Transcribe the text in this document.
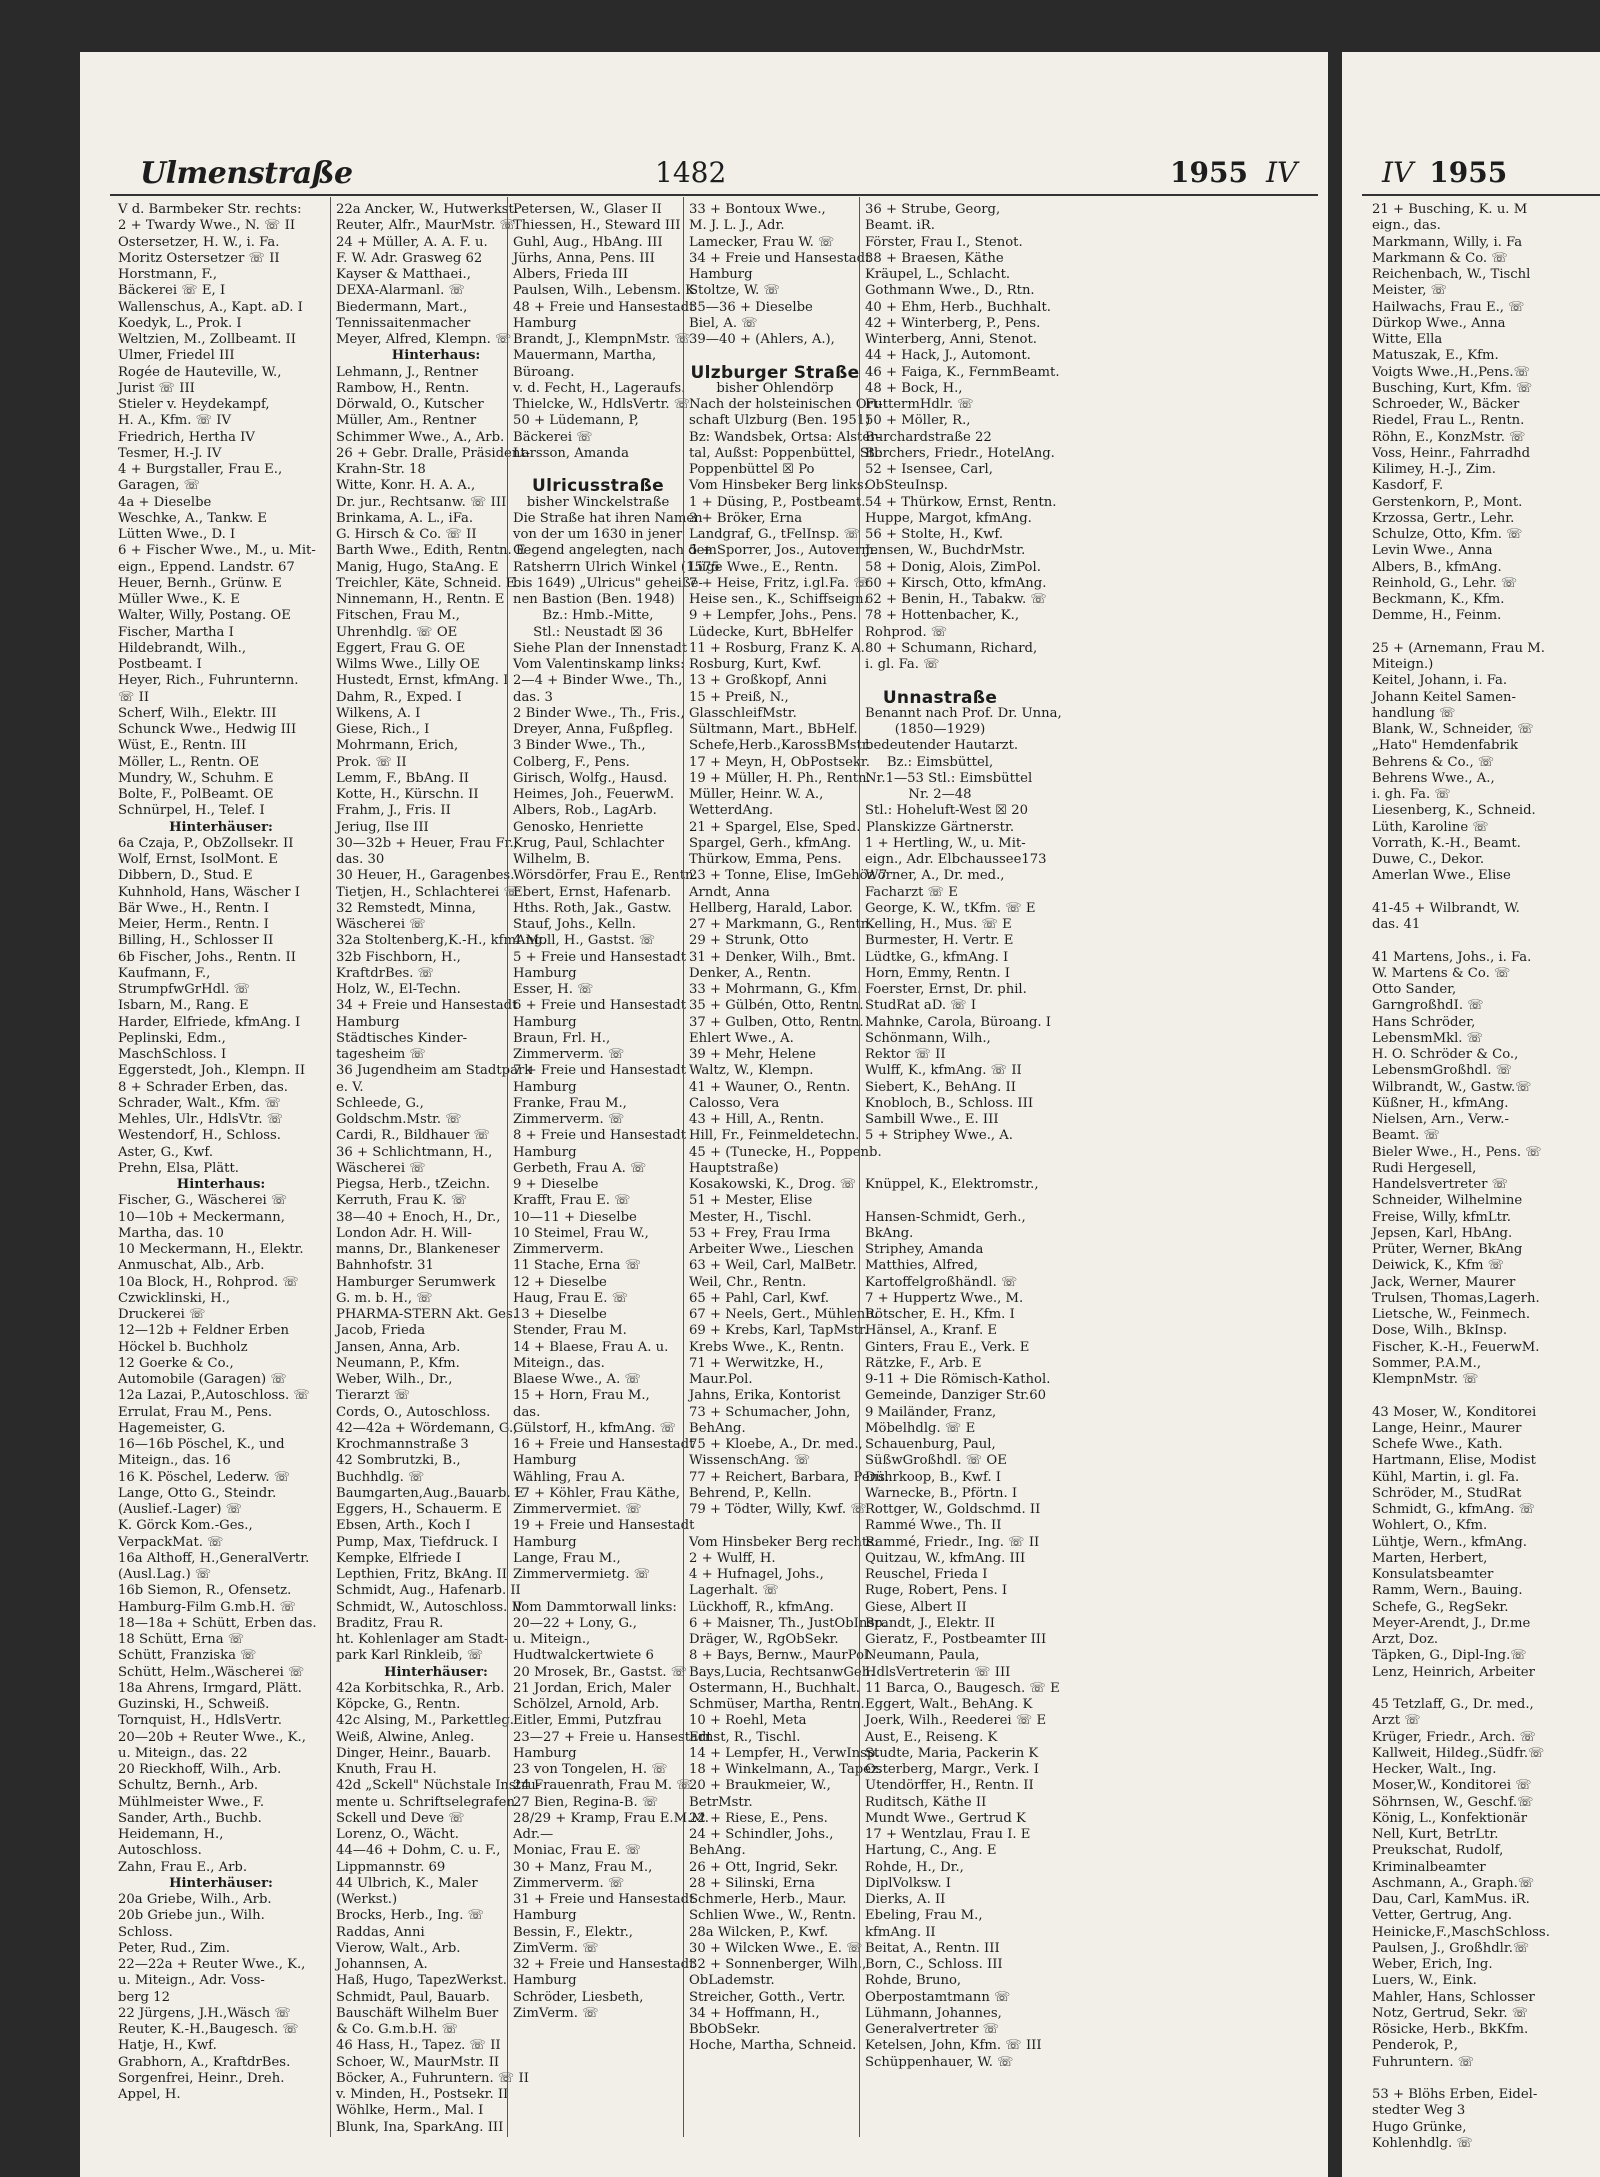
Ulmenstraße	1482	1955 IV
V d. Barmbeker Str. rechts:
2 + Twardy Wwe., N. ☏ II
Ostersetzer, H. W., i. Fa.
Moritz Ostersetzer ☏ II
Horstmann, F.,
Bäckerei ☏ E, I
Wallenschus, A., Kapt. aD. I
Koedyk, L., Prok. I
Weltzien, M., Zollbeamt. II
Ulmer, Friedel III
Rogée de Hauteville, W.,
Jurist ☏ III
Stieler v. Heydekampf,
H. A., Kfm. ☏ IV
Friedrich, Hertha IV
Tesmer, H.-J. IV
4 + Burgstaller, Frau E.,
Garagen, ☏
4a + Dieselbe
Weschke, A., Tankw. E
Lütten Wwe., D. I
6 + Fischer Wwe., M., u. Mit-
eign., Eppend. Landstr. 67
Heuer, Bernh., Grünw. E
Müller Wwe., K. E
Walter, Willy, Postang. OE
Fischer, Martha I
Hildebrandt, Wilh.,
Postbeamt. I
Heyer, Rich., Fuhrunternn.
☏ II
Scherf, Wilh., Elektr. III
Schunck Wwe., Hedwig III
Wüst, E., Rentn. III
Möller, L., Rentn. OE
Mundry, W., Schuhm. E
Bolte, F., PolBeamt. OE
Schnürpel, H., Telef. I
Hinterhäuser:
6a Czaja, P., ObZollsekr. II
Wolf, Ernst, IsolMont. E
Dibbern, D., Stud. E
Kuhnhold, Hans, Wäscher I
Bär Wwe., H., Rentn. I
Meier, Herm., Rentn. I
Billing, H., Schlosser II
6b Fischer, Johs., Rentn. II
Kaufmann, F.,
StrumpfwGrHdl. ☏
Isbarn, M., Rang. E
Harder, Elfriede, kfmAng. I
Peplinski, Edm.,
MaschSchloss. I
Eggerstedt, Joh., Klempn. II
8 + Schrader Erben, das.
Schrader, Walt., Kfm. ☏
Mehles, Ulr., HdlsVtr. ☏
Westendorf, H., Schloss.
Aster, G., Kwf.
Prehn, Elsa, Plätt.
Hinterhaus:
Fischer, G., Wäscherei ☏
10—10b + Meckermann,
Martha, das. 10
10 Meckermann, H., Elektr.
Anmuschat, Alb., Arb.
10a Block, H., Rohprod. ☏
Czwicklinski, H.,
Druckerei ☏
12—12b + Feldner Erben
Höckel b. Buchholz
12 Goerke & Co.,
Automobile (Garagen) ☏
12a Lazai, P.,Autoschloss. ☏
Errulat, Frau M., Pens.
Hagemeister, G.
16—16b Pöschel, K., und
Miteign., das. 16
16 K. Pöschel, Lederw. ☏
Lange, Otto G., Steindr.
(Auslief.-Lager) ☏
K. Görck Kom.-Ges.,
VerpackMat. ☏
16a Althoff, H.,GeneralVertr.
(Ausl.Lag.) ☏
16b Siemon, R., Ofensetz.
Hamburg-Film G.mb.H. ☏
18—18a + Schütt, Erben das.
18 Schütt, Erna ☏
Schütt, Franziska ☏
Schütt, Helm.,Wäscherei ☏
18a Ahrens, Irmgard, Plätt.
Guzinski, H., Schweiß.
Tornquist, H., HdlsVertr.
20—20b + Reuter Wwe., K.,
u. Miteign., das. 22
20 Rieckhoff, Wilh., Arb.
Schultz, Bernh., Arb.
Mühlmeister Wwe., F.
Sander, Arth., Buchb.
Heidemann, H.,
Autoschloss.
Zahn, Frau E., Arb.
Hinterhäuser:
20a Griebe, Wilh., Arb.
20b Griebe jun., Wilh.
Schloss.
Peter, Rud., Zim.
22—22a + Reuter Wwe., K.,
u. Miteign., Adr. Voss-
berg 12
22 Jürgens, J.H.,Wäsch ☏
Reuter, K.-H.,Baugesch. ☏
Hatje, H., Kwf.
Grabhorn, A., KraftdrBes.
Sorgenfrei, Heinr., Dreh.
Appel, H.
22a Ancker, W., Hutwerkst.
Reuter, Alfr., MaurMstr. ☏
24 + Müller, A. A. F. u.
F. W. Adr. Grasweg 62
Kayser & Matthaei.,
DEXA-Alarmanl. ☏
Biedermann, Mart.,
Tennissaitenmacher
Meyer, Alfred, Klempn. ☏
Hinterhaus:
Lehmann, J., Rentner
Rambow, H., Rentn.
Dörwald, O., Kutscher
Müller, Am., Rentner
Schimmer Wwe., A., Arb.
26 + Gebr. Dralle, Präsident-
Krahn-Str. 18
Witte, Konr. H. A. A.,
Dr. jur., Rechtsanw. ☏ III
Brinkama, A. L., iFa.
G. Hirsch & Co. ☏ II
Barth Wwe., Edith, Rentn. E
Manig, Hugo, StaAng. E
Treichler, Käte, Schneid. E
Ninnemann, H., Rentn. E
Fitschen, Frau M.,
Uhrenhdlg. ☏ OE
Eggert, Frau G. OE
Wilms Wwe., Lilly OE
Hustedt, Ernst, kfmAng. I
Dahm, R., Exped. I
Wilkens, A. I
Giese, Rich., I
Mohrmann, Erich,
Prok. ☏ II
Lemm, F., BbAng. II
Kotte, H., Kürschn. II
Frahm, J., Fris. II
Jeriug, Ilse III
30—32b + Heuer, Frau Fr.,
das. 30
30 Heuer, H., Garagenbes.
Tietjen, H., Schlachterei ☏
32 Remstedt, Minna,
Wäscherei ☏
32a Stoltenberg,K.-H., kfmAng.
32b Fischborn, H.,
KraftdrBes. ☏
Holz, W., El-Techn.
34 + Freie und Hansestadt
Hamburg
Städtisches Kinder-
tagesheim ☏
36 Jugendheim am Stadtpark
e. V.
Schleede, G.,
Goldschm.Mstr. ☏
Cardi, R., Bildhauer ☏
36 + Schlichtmann, H.,
Wäscherei ☏
Piegsa, Herb., tZeichn.
Kerruth, Frau K. ☏
38—40 + Enoch, H., Dr.,
London Adr. H. Will-
manns, Dr., Blankeneser
Bahnhofstr. 31
Hamburger Serumwerk
G. m. b. H., ☏
PHARMA-STERN Akt. Ges.
Jacob, Frieda
Jansen, Anna, Arb.
Neumann, P., Kfm.
Weber, Wilh., Dr.,
Tierarzt ☏
Cords, O., Autoschloss.
42—42a + Wördemann, G.,
Krochmannstraße 3
42 Sombrutzki, B.,
Buchhdlg. ☏
Baumgarten,Aug.,Bauarb. E
Eggers, H., Schauerm. E
Ebsen, Arth., Koch I
Pump, Max, Tiefdruck. I
Kempke, Elfriede I
Lepthien, Fritz, BkAng. II
Schmidt, Aug., Hafenarb. II
Schmidt, W., Autoschloss. II
Braditz, Frau R.
ht. Kohlenlager am Stadt-
park Karl Rinkleib, ☏
Hinterhäuser:
42a Korbitschka, R., Arb.
Köpcke, G., Rentn.
42c Alsing, M., Parkettleg.
Weiß, Alwine, Anleg.
Dinger, Heinr., Bauarb.
Knuth, Frau H.
42d „Sckell" Nüchstale Instru-
mente u. Schriftselegrafen
Sckell und Deve ☏
Lorenz, O., Wächt.
44—46 + Dohm, C. u. F.,
Lippmannstr. 69
44 Ulbrich, K., Maler
(Werkst.)
Brocks, Herb., Ing. ☏
Raddas, Anni
Vierow, Walt., Arb.
Johannsen, A.
Haß, Hugo, TapezWerkst.
Schmidt, Paul, Bauarb.
Bauschäft Wilhelm Buer
& Co. G.m.b.H. ☏
46 Hass, H., Tapez. ☏ II
Schoer, W., MaurMstr. II
Böcker, A., Fuhruntern. ☏ II
v. Minden, H., Postsekr. II
Wöhlke, Herm., Mal. I
Blunk, Ina, SparkAng. III
Petersen, W., Glaser II
Thiessen, H., Steward III
Guhl, Aug., HbAng. III
Jürhs, Anna, Pens. III
Albers, Frieda III
Paulsen, Wilh., Lebensm. K
48 + Freie und Hansestadt
Hamburg
Brandt, J., KlempnMstr. ☏
Mauermann, Martha,
Büroang.
v. d. Fecht, H., Lageraufs.
Thielcke, W., HdlsVertr. ☏
50 + Lüdemann, P,
Bäckerei ☏
Larsson, Amanda
Ulricusstraße
bisher Winckelstraße
Die Straße hat ihren Namen
von der um 1630 in jener
Gegend angelegten, nach dem
Ratsherrn Ulrich Winkel (1575
bis 1649) „Ulricus" geheiße-
nen Bastion (Ben. 1948)
Bz.: Hmb.-Mitte,
Stl.: Neustadt ☒ 36
Siehe Plan der Innenstadt
Vom Valentinskamp links:
2—4 + Binder Wwe., Th.,
das. 3
2 Binder Wwe., Th., Fris.,
Dreyer, Anna, Fußpfleg.
3 Binder Wwe., Th.,
Colberg, F., Pens.
Girisch, Wolfg., Hausd.
Heimes, Joh., FeuerwM.
Albers, Rob., LagArb.
Genosko, Henriette
Krug, Paul, Schlachter
Wilhelm, B.
Wörsdörfer, Frau E., Rentn.
Ebert, Ernst, Hafenarb.
Hths. Roth, Jak., Gastw.
Stauf, Johs., Kelln.
4 Moll, H., Gastst. ☏
5 + Freie und Hansestadt
Hamburg
Esser, H. ☏
6 + Freie und Hansestadt
Hamburg
Braun, Frl. H.,
Zimmerverm. ☏
7 + Freie und Hansestadt
Hamburg
Franke, Frau M.,
Zimmerverm. ☏
8 + Freie und Hansestadt
Hamburg
Gerbeth, Frau A. ☏
9 + Dieselbe
Krafft, Frau E. ☏
10—11 + Dieselbe
10 Steimel, Frau W.,
Zimmerverm.
11 Stache, Erna ☏
12 + Dieselbe
Haug, Frau E. ☏
13 + Dieselbe
Stender, Frau M.
14 + Blaese, Frau A. u.
Miteign., das.
Blaese Wwe., A. ☏
15 + Horn, Frau M.,
das.
Gülstorf, H., kfmAng. ☏
16 + Freie und Hansestadt
Hamburg
Wähling, Frau A.
17 + Köhler, Frau Käthe,
Zimmervermiet. ☏
19 + Freie und Hansestadt
Hamburg
Lange, Frau M.,
Zimmervermietg. ☏
Vom Dammtorwall links:
20—22 + Lony, G.,
u. Miteign.,
Hudtwalckertwiete 6
20 Mrosek, Br., Gastst. ☏
21 Jordan, Erich, Maler
Schölzel, Arnold, Arb.
Eitler, Emmi, Putzfrau
23—27 + Freie u. Hansestadt
Hamburg
23 von Tongelen, H. ☏
24 Frauenrath, Frau M. ☏
27 Bien, Regina-B. ☏
28/29 + Kramp, Frau E.M.M.
Adr.—
Moniac, Frau E. ☏
30 + Manz, Frau M.,
Zimmerverm. ☏
31 + Freie und Hansestadt
Hamburg
Bessin, F., Elektr.,
ZimVerm. ☏
32 + Freie und Hansestadt
Hamburg
Schröder, Liesbeth,
ZimVerm. ☏
33 + Bontoux Wwe.,
M. J. L. J., Adr.
Lamecker, Frau W. ☏
34 + Freie und Hansestadt
Hamburg
Stoltze, W. ☏
35—36 + Dieselbe
Biel, A. ☏
39—40 + (Ahlers, A.),
Ulzburger Straße
bisher Ohlendörp
Nach der holsteinischen Ort-
schaft Ulzburg (Ben. 1951)
Bz: Wandsbek, Ortsa: Alster-
tal, Außst: Poppenbüttel, Stl:
Poppenbüttel ☒ Po
Vom Hinsbeker Berg links:
1 + Düsing, P., Postbeamt.
3 + Bröker, Erna
Landgraf, G., tFelInsp. ☏
5 + Sporrer, Jos., Autoverm.
Lüge Wwe., E., Rentn.
7 + Heise, Fritz, i.gl.Fa. ☏
Heise sen., K., Schiffseign.
9 + Lempfer, Johs., Pens.
Lüdecke, Kurt, BbHelfer
11 + Rosburg, Franz K. A.
Rosburg, Kurt, Kwf.
13 + Großkopf, Anni
15 + Preiß, N.,
GlasschleifMstr.
Sültmann, Mart., BbHelf.
Schefe,Herb.,KarossBMstr.
17 + Meyn, H, ObPostsekr.
19 + Müller, H. Ph., Rentn.
Müller, Heinr. W. A.,
WetterdAng.
21 + Spargel, Else, Sped.
Spargel, Gerh., kfmAng.
Thürkow, Emma, Pens.
23 + Tonne, Elise, ImGehöz 7
Arndt, Anna
Hellberg, Harald, Labor.
27 + Markmann, G., Rentn.
29 + Strunk, Otto
31 + Denker, Wilh., Bmt.
Denker, A., Rentn.
33 + Mohrmann, G., Kfm.
35 + Gülbén, Otto, Rentn.
37 + Gulben, Otto, Rentn.
Ehlert Wwe., A.
39 + Mehr, Helene
Waltz, W., Klempn.
41 + Wauner, O., Rentn.
Calosso, Vera
43 + Hill, A., Rentn.
Hill, Fr., Feinmeldetechn.
45 + (Tunecke, H., Poppenb.
Hauptstraße)
Kosakowski, K., Drog. ☏
51 + Mester, Elise
Mester, H., Tischl.
53 + Frey, Frau Irma
Arbeiter Wwe., Lieschen
63 + Weil, Carl, MalBetr.
Weil, Chr., Rentn.
65 + Pahl, Carl, Kwf.
67 + Neels, Gert., Mühlenb.
69 + Krebs, Karl, TapMstr.
Krebs Wwe., K., Rentn.
71 + Werwitzke, H.,
Maur.Pol.
Jahns, Erika, Kontorist
73 + Schumacher, John,
BehAng.
75 + Kloebe, A., Dr. med.,
WissenschAng. ☏
77 + Reichert, Barbara, Pens.
Behrend, P., Kelln.
79 + Tödter, Willy, Kwf. ☏
Vom Hinsbeker Berg rechts:
2 + Wulff, H.
4 + Hufnagel, Johs.,
Lagerhalt. ☏
Lückhoff, R., kfmAng.
6 + Maisner, Th., JustObInsp.
Dräger, W., RgObSekr.
8 + Bays, Bernw., MaurPol.
Bays,Lucia, RechtsanwGeh.
Ostermann, H., Buchhalt.
Schmüser, Martha, Rentn.
10 + Roehl, Meta
Ernst, R., Tischl.
14 + Lempfer, H., VerwInsp.
18 + Winkelmann, A., Tapez.
20 + Braukmeier, W.,
BetrMstr.
22 + Riese, E., Pens.
24 + Schindler, Johs.,
BehAng.
26 + Ott, Ingrid, Sekr.
28 + Silinski, Erna
Schmerle, Herb., Maur.
Schlien Wwe., W., Rentn.
28a Wilcken, P., Kwf.
30 + Wilcken Wwe., E. ☏
32 + Sonnenberger, Wilh.,
ObLademstr.
Streicher, Gotth., Vertr.
34 + Hoffmann, H.,
BbObSekr.
Hoche, Martha, Schneid.
36 + Strube, Georg,
Beamt. iR.
Förster, Frau I., Stenot.
38 + Braesen, Käthe
Kräupel, L., Schlacht.
Gothmann Wwe., D., Rtn.
40 + Ehm, Herb., Buchhalt.
42 + Winterberg, P., Pens.
Winterberg, Anni, Stenot.
44 + Hack, J., Automont.
46 + Faiga, K., FernmBeamt.
48 + Bock, H.,
FuttermHdlr. ☏
50 + Möller, R.,
Burchardstraße 22
Borchers, Friedr., HotelAng.
52 + Isensee, Carl,
ObSteuInsp.
54 + Thürkow, Ernst, Rentn.
Huppe, Margot, kfmAng.
56 + Stolte, H., Kwf.
Jensen, W., BuchdrMstr.
58 + Donig, Alois, ZimPol.
60 + Kirsch, Otto, kfmAng.
62 + Benin, H., Tabakw. ☏
78 + Hottenbacher, K.,
Rohprod. ☏
80 + Schumann, Richard,
i. gl. Fa. ☏
Unnastraße
Benannt nach Prof. Dr. Unna,
(1850—1929)
bedeutender Hautarzt.
Bz.: Eimsbüttel,
Nr.1—53 Stl.: Eimsbüttel
Nr. 2—48
Stl.: Hoheluft-West ☒ 20
Planskizze Gärtnerstr.
1 + Hertling, W., u. Mit-
eign., Adr. Elbchaussee173
Wörner, A., Dr. med.,
Facharzt ☏ E
George, K. W., tKfm. ☏ E
Kelling, H., Mus. ☏ E
Burmester, H. Vertr. E
Lüdtke, G., kfmAng. I
Horn, Emmy, Rentn. I
Foerster, Ernst, Dr. phil.
StudRat aD. ☏ I
Mahnke, Carola, Büroang. I
Schönmann, Wilh.,
Rektor ☏ II
Wulff, K., kfmAng. ☏ II
Siebert, K., BehAng. II
Knobloch, B., Schloss. III
Sambill Wwe., E. III
5 + Striphey Wwe., A.
Knüppel, K., Elektromstr.,
Hansen-Schmidt, Gerh.,
BkAng.
Striphey, Amanda
Matthies, Alfred,
Kartoffelgroßhändl. ☏
7 + Huppertz Wwe., M.
Rötscher, E. H., Kfm. I
Hänsel, A., Kranf. E
Ginters, Frau E., Verk. E
Rätzke, F., Arb. E
9-11 + Die Römisch-Kathol.
Gemeinde, Danziger Str.60
9 Mailänder, Franz,
Möbelhdlg. ☏ E
Schauenburg, Paul,
SüßwGroßhdl. ☏ OE
Dührkoop, B., Kwf. I
Warnecke, B., Pförtn. I
Rottger, W., Goldschmd. II
Rammé Wwe., Th. II
Rammé, Friedr., Ing. ☏ II
Quitzau, W., kfmAng. III
Reuschel, Frieda I
Ruge, Robert, Pens. I
Giese, Albert II
Brandt, J., Elektr. II
Gieratz, F., Postbeamter III
Neumann, Paula,
HdlsVertreterin ☏ III
11 Barca, O., Baugesch. ☏ E
Eggert, Walt., BehAng. K
Joerk, Wilh., Reederei ☏ E
Aust, E., Reiseng. K
Studte, Maria, Packerin K
Osterberg, Margr., Verk. I
Utendörffer, H., Rentn. II
Ruditsch, Käthe II
Mundt Wwe., Gertrud K
17 + Wentzlau, Frau I. E
Hartung, C., Ang. E
Rohde, H., Dr.,
DiplVolksw. I
Dierks, A. II
Ebeling, Frau M.,
kfmAng. II
Beitat, A., Rentn. III
Born, C., Schloss. III
Rohde, Bruno,
Oberpostamtmann ☏
Lühmann, Johannes,
Generalvertreter ☏
Ketelsen, John, Kfm. ☏ III
Schüppenhauer, W. ☏
IV 1955
21 + Busching, K. u. M
eign., das.
Markmann, Willy, i. Fa
Markmann & Co. ☏
Reichenbach, W., Tischl
Meister, ☏
Hailwachs, Frau E., ☏
Dürkop Wwe., Anna
Witte, Ella
Matuszak, E., Kfm.
Voigts Wwe.,H.,Pens.☏
Busching, Kurt, Kfm. ☏
Schroeder, W., Bäcker
Riedel, Frau L., Rentn.
Röhn, E., KonzMstr. ☏
Voss, Heinr., Fahrradhd
Kilimey, H.-J., Zim.
Kasdorf, F.
Gerstenkorn, P., Mont.
Krzossa, Gertr., Lehr.
Schulze, Otto, Kfm. ☏
Levin Wwe., Anna
Albers, B., kfmAng.
Reinhold, G., Lehr. ☏
Beckmann, K., Kfm.
Demme, H., Feinm.
25 + (Arnemann, Frau M.
Miteign.)
Keitel, Johann, i. Fa.
Johann Keitel Samen-
handlung ☏
Blank, W., Schneider, ☏
„Hato" Hemdenfabrik
Behrens & Co., ☏
Behrens Wwe., A.,
i. gh. Fa. ☏
Liesenberg, K., Schneid.
Lüth, Karoline ☏
Vorrath, K.-H., Beamt.
Duwe, C., Dekor.
Amerlan Wwe., Elise
41-45 + Wilbrandt, W.
das. 41
41 Martens, Johs., i. Fa.
W. Martens & Co. ☏
Otto Sander,
GarngroßhdI. ☏
Hans Schröder,
LebensmMkl. ☏
H. O. Schröder & Co.,
LebensmGroßhdl. ☏
Wilbrandt, W., Gastw.☏
Küßner, H., kfmAng.
Nielsen, Arn., Verw.-
Beamt. ☏
Bieler Wwe., H., Pens. ☏
Rudi Hergesell,
Handelsvertreter ☏
Schneider, Wilhelmine
Freise, Willy, kfmLtr.
Jepsen, Karl, HbAng.
Prüter, Werner, BkAng
Deiwick, K., Kfm ☏
Jack, Werner, Maurer
Trulsen, Thomas,Lagerh.
Lietsche, W., Feinmech.
Dose, Wilh., BkInsp.
Fischer, K.-H., FeuerwM.
Sommer, P.A.M.,
KlempnMstr. ☏
43 Moser, W., Konditorei
Lange, Heinr., Maurer
Schefe Wwe., Kath.
Hartmann, Elise, Modist
Kühl, Martin, i. gl. Fa.
Schröder, M., StudRat
Schmidt, G., kfmAng. ☏
Wohlert, O., Kfm.
Lühtje, Wern., kfmAng.
Marten, Herbert,
Konsulatsbeamter
Ramm, Wern., Bauing.
Schefe, G., RegSekr.
Meyer-Arendt, J., Dr.me
Arzt, Doz.
Täpken, G., Dipl-Ing.☏
Lenz, Heinrich, Arbeiter
45 Tetzlaff, G., Dr. med.,
Arzt ☏
Krüger, Friedr., Arch. ☏
Kallweit, Hildeg.,Südfr.☏
Hecker, Walt., Ing.
Moser,W., Konditorei ☏
Söhrnsen, W., Geschf.☏
König, L., Konfektionär
Nell, Kurt, BetrLtr.
Preukschat, Rudolf,
Kriminalbeamter
Aschmann, A., Graph.☏
Dau, Carl, KamMus. iR.
Vetter, Gertrug, Ang.
Heinicke,F.,MaschSchloss.
Paulsen, J., Großhdlr.☏
Weber, Erich, Ing.
Luers, W., Eink.
Mahler, Hans, Schlosser
Notz, Gertrud, Sekr. ☏
Rösicke, Herb., BkKfm.
Penderok, P.,
Fuhruntern. ☏
53 + Blöhs Erben, Eidel-
stedter Weg 3
Hugo Grünke,
Kohlenhdlg. ☏
